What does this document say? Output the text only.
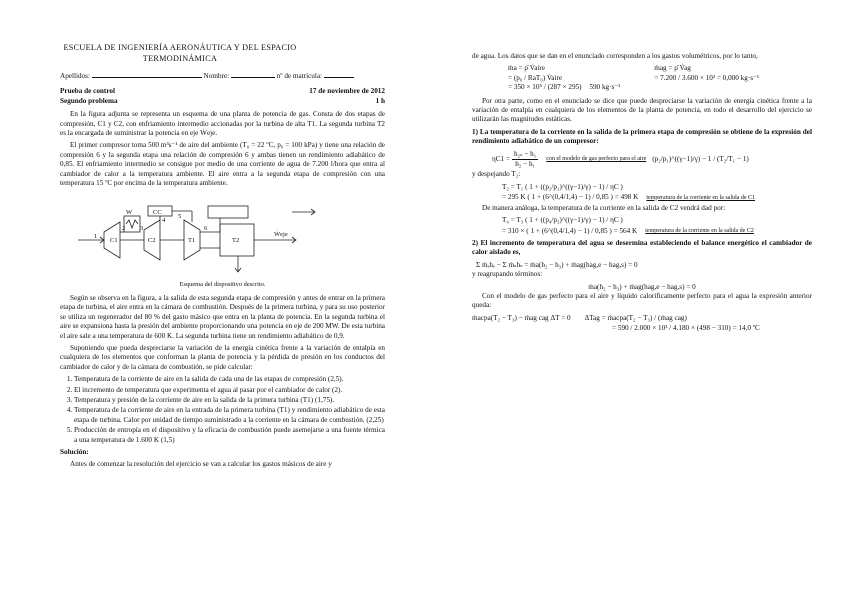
ESCUELA DE INGENIERÍA AERONÁUTICA Y DEL ESPACIO
TERMODINÁMICA
Apellidos:	Nombre:	nº de matrícula:
Prueba de control	17 de noviembre de 2012
Segundo problema	1 h

En la figura adjunta se representa un esquema de una planta de potencia de gas. Consta de dos etapas de compresión, C1 y C2, con enfriamiento intermedio accionadas por la turbina de alta T1. La segunda turbina T2 es la encargada de suministrar la potencia en eje Ẇeje.

El primer compresor toma 500 m³s⁻¹ de aire del ambiente (T₀ = 22 ºC, p₀ = 100 kPa) y tiene una relación de compresión 6 y la segunda etapa una relación de compresión 6 y ambas tienen un rendimiento adiabático de 0,85. El enfriamiento intermedio se consigue por medio de una corriente de agua de 7.200 l/hora que entra al cambiador de calor a la temperatura ambiente. El aire entra a la segunda etapa de compresión con una temperatura 15 ºC por encima de la temperatura ambiente.

C1	C2
CC
T1	T2
W
Ẇeje
1
2 3
4
5
6
Esquema del dispositivo descrito.

Según se observa en la figura, a la salida de esta segunda etapa de compresión y antes de entrar en la primera etapa de turbina, el aire entra en la cámara de combustión. Después de la primera turbina, y para su uso posterior se utiliza un regenerador del 80 % del gasto másico que entra en la planta de potencia. En la segunda turbina el aire se expansiona hasta la presión del ambiente proporcionando una potencia en eje de 200 MW. De esta turbina el aire sale a una temperatura de 600 K. La segunda turbina tiene un rendimiento adiabático de 0,9.

Suponiendo que pueda despreciarse la variación de la energía cinética frente a la variación de entalpía en cualquiera de los elementos que conforman la planta de potencia y la pérdida de presión en los conductos del cambiador de calor y de la cámara de combustión, se pide calcular:

1. Temperatura de la corriente de aire en la salida de cada una de las etapas de compresión (2,5).
2. El incremento de temperatura que experimenta el agua al pasar por el cambiador de calor (2).
3. Temperatura y presión de la corriente de aire en la salida de la primera turbina (T1) (1,75).
4. Temperatura de la corriente de aire en la entrada de la primera turbina (T1) y rendimiento adiabático de esta etapa de turbina. Calor por unidad de tiempo suministrado a la corriente en la cámara de combustión. (2,25)
5. Producción de entropía en el dispositivo y la eficacia de combustión puede asemejarse a una fuente térmica a una temperatura de 1.600 K (1,5)

Solución:

Antes de comenzar la resolución del ejercicio se van a calcular los gastos másicos de aire y

de agua. Los datos que se dan en el enunciado corresponden a los gastos volumétricos, por lo tanto,

ṁa = ρ̄ V̇aire
= (p₀ / RaT₀) V̇aire
= 350 × 10⁵ / (287 × 295) 590 kg·s⁻¹
ṁag = ρ̄ V̇ag
= 7.200 / 3.600 × 10³ = 0,000 kg·s⁻¹

Por otra parte, como en el enunciado se dice que puede despreciarse la variación de energía cinética frente a la variación de entalpía en cualquiera de los elementos de la planta de potencia, en todo el desarrollo del ejercicio se utilizarán las magnitudes estáticas.

1) La temperatura de la corriente en la salida de la primera etapa de compresión se obtiene de la expresión del rendimiento adiabático de un compresor:

$\eta C1 = \frac{\text{h₂ₛ − h₁}}{\text{h₂ − h₁}}$ con el modelo de gas perfecto para el aire (p₂/p₁)^((γ−1)/γ) − 1 / (T₂/T₁ − 1)

y despejando T₂:

T₂ = T₁ ( 1 + ((p₂/p₁)^((γ−1)/γ) − 1) / ηC )
= 295 K ( 1 + (6^(0,4/1,4) − 1) / 0,85 ) = 498 K temperatura de la corriente en la salida de C1

De manera análoga, la temperatura de la corriente en la salida de C2 vendrá dad por:

T₄ = T₃ ( 1 + ((p₄/p₃)^((γ−1)/γ) − 1) / ηC )
= 310 × ( 1 + (6^(0,4/1,4) − 1) / 0,85 ) = 564 K temperatura de la corriente en la salida de C2

2) El incremento de temperatura del agua se desermina estableciendo el balance energético el cambiador de calor aislado es,

Σ ṁₑhₑ − Σ ṁₛhₛ = ṁa(h₂ − h₃) + ṁag(hag,e − hag,s) = 0

y reagrupando términos:

ṁa(h₂ − h₃) + ṁag(hag,e − hag,s) = 0

Con el modelo de gas perfecto para el aire y líquido calorificamente perfecto para el agua la expresión anterior queda:

ṁacpa(T₂ − T₃) − ṁag cag ΔT = 0 ΔTag = ṁacpa(T₂ − T₃) / (ṁag cag)
= 590 / 2.000 × 10³ / 4.180 × (498 − 310) = 14,0 ºC
